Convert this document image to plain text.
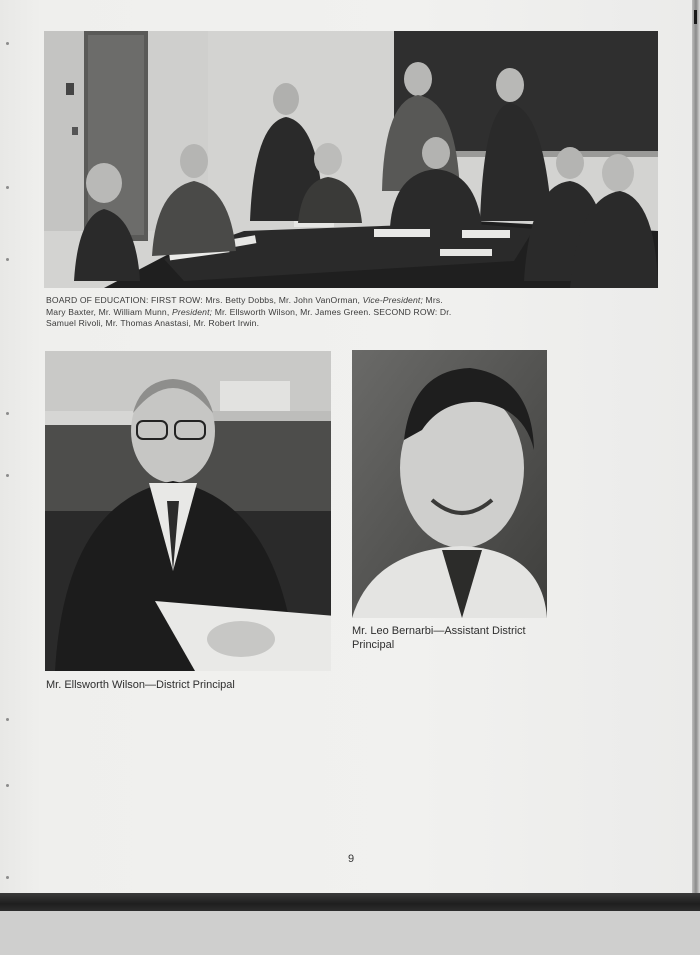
BOARD OF EDUCATION: FIRST ROW: Mrs. Betty Dobbs, Mr. John VanOrman, Vice-President; Mrs. Mary Baxter, Mr. William Munn, President; Mr. Ellsworth Wilson, Mr. James Green. SECOND ROW: Dr. Samuel Rivoli, Mr. Thomas Anastasi, Mr. Robert Irwin.
Mr. Ellsworth Wilson—District Principal
Mr. Leo Bernarbi—Assistant District Principal
9
